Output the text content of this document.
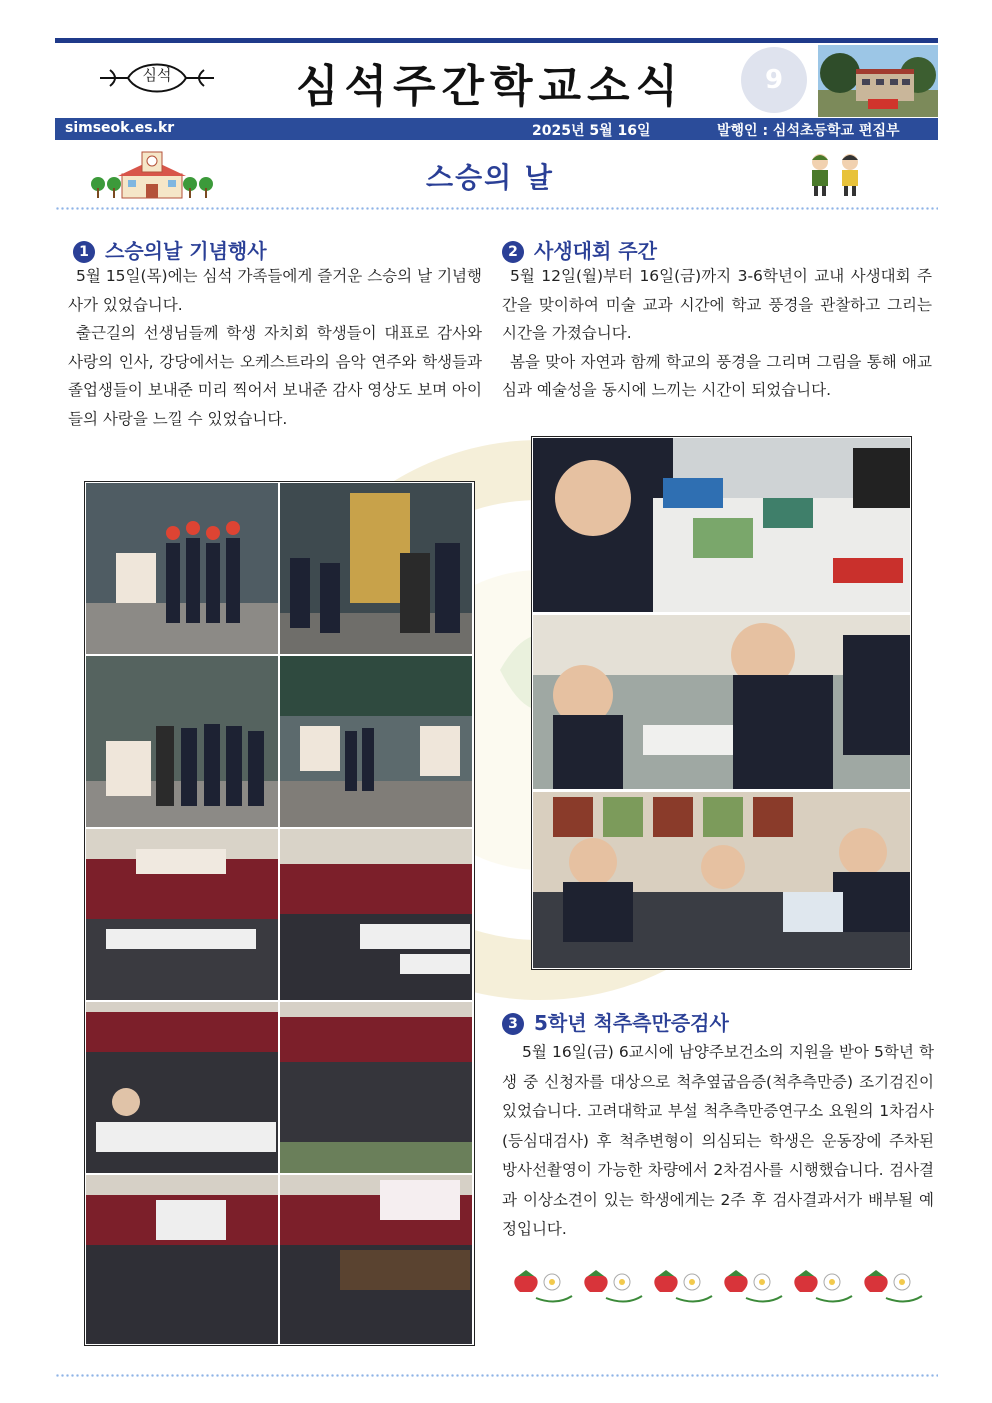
심석	심석주간학교소식	9
simseok.es.kr	2025년 5월 16일	발행인 : 심석초등학교 편집부
스승의 날
1 스승의날 기념행사

5월 15일(목)에는 심석 가족들에게 즐거운 스승의 날 기념행사가 있었습니다.

출근길의 선생님들께 학생 자치회 학생들이 대표로 감사와 사랑의 인사, 강당에서는 오케스트라의 음악 연주와 학생들과 졸업생들이 보내준 미리 찍어서 보내준 감사 영상도 보며 아이들의 사랑을 느낄 수 있었습니다.

2 사생대회 주간

5월 12일(월)부터 16일(금)까지 3-6학년이 교내 사생대회 주간을 맞이하여 미술 교과 시간에 학교 풍경을 관찰하고 그리는 시간을 가졌습니다.

봄을 맞아 자연과 함께 학교의 풍경을 그리며 그림을 통해 애교심과 예술성을 동시에 느끼는 시간이 되었습니다.

3 5학년 척추측만증검사

5월 16일(금) 6교시에 남양주보건소의 지원을 받아 5학년 학생 중 신청자를 대상으로 척추옆굽음증(척추측만증) 조기검진이 있었습니다. 고려대학교 부설 척추측만증연구소 요원의 1차검사(등심대검사) 후 척추변형이 의심되는 학생은 운동장에 주차된 방사선촬영이 가능한 차량에서 2차검사를 시행했습니다. 검사결과 이상소견이 있는 학생에게는 2주 후 검사결과서가 배부될 예정입니다.
